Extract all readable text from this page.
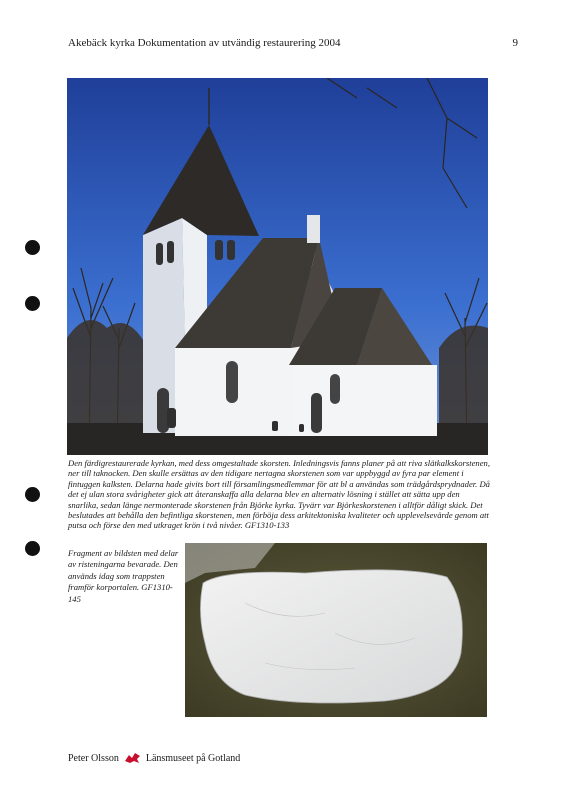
Akebäck kyrka Dokumentation av utvändig restaurering 2004	9

Den färdigrestaurerade kyrkan, med dess omgestaltade skorsten. Inledningsvis fanns planer på att riva slätkalkskorstenen, ner till taknocken. Den skulle ersättas av den tidigare nertagna skorstenen som var uppbyggd av fyra par element i fintuggen kalksten. Delarna hade givits bort till församlingsmedlemmar för att bl a användas som trädgårdsprydnader. Då det ej ulan stora svårigheter gick att återanskaffa alla delarna blev en alternativ lösning i stället att sätta upp den snarlika, sedan länge nermonterade skorstenen från Björke kyrka. Tyvärr var Björkeskorstenen i alltför dåligt skick. Det beslutades att behålla den befintliga skorstenen, men förböja dess arkitektoniska kvaliteter och upplevelsevärde genom att putsa och förse den med utkraget krön i två nivåer. GF1310-133

Fragment av bildsten med delar av risteningarna bevarade. Den används idag som trappsten framför korportalen. GF1310-145

Peter Olsson	Länsmuseet på Gotland
